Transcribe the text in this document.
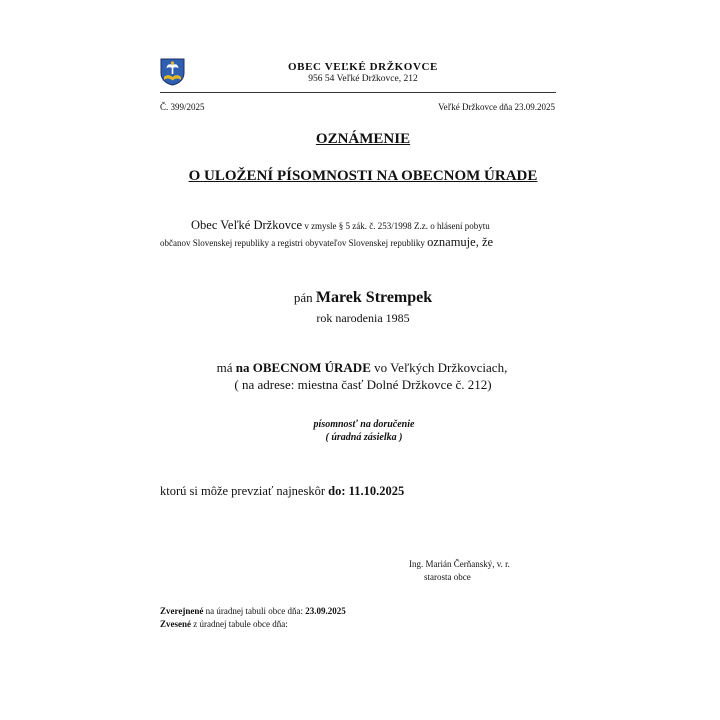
OBEC VEĽKÉ DRŽKOVCE
956 54 Veľké Držkovce, 212
Č. 399/2025	Veľké Držkovce dňa 23.09.2025
OZNÁMENIE
O ULOŽENÍ PÍSOMNOSTI NA OBECNOM ÚRADE
Obec Veľké Držkovce v zmysle § 5 zák. č. 253/1998 Z.z. o hlásení pobytu
občanov Slovenskej republiky a registri obyvateľov Slovenskej republiky oznamuje, že
pán Marek Strempek
rok narodenia 1985
má na OBECNOM ÚRADE vo Veľkých Držkovciach,
( na adrese: miestna časť Dolné Držkovce č. 212)
písomnosť na doručenie
( úradná zásielka )
ktorú si môže prevziať najneskôr do: 11.10.2025
Ing. Marián Čerňanský, v. r.
starosta obce
Zverejnené na úradnej tabuli obce dňa: 23.09.2025
Zvesené z úradnej tabule obce dňa:
